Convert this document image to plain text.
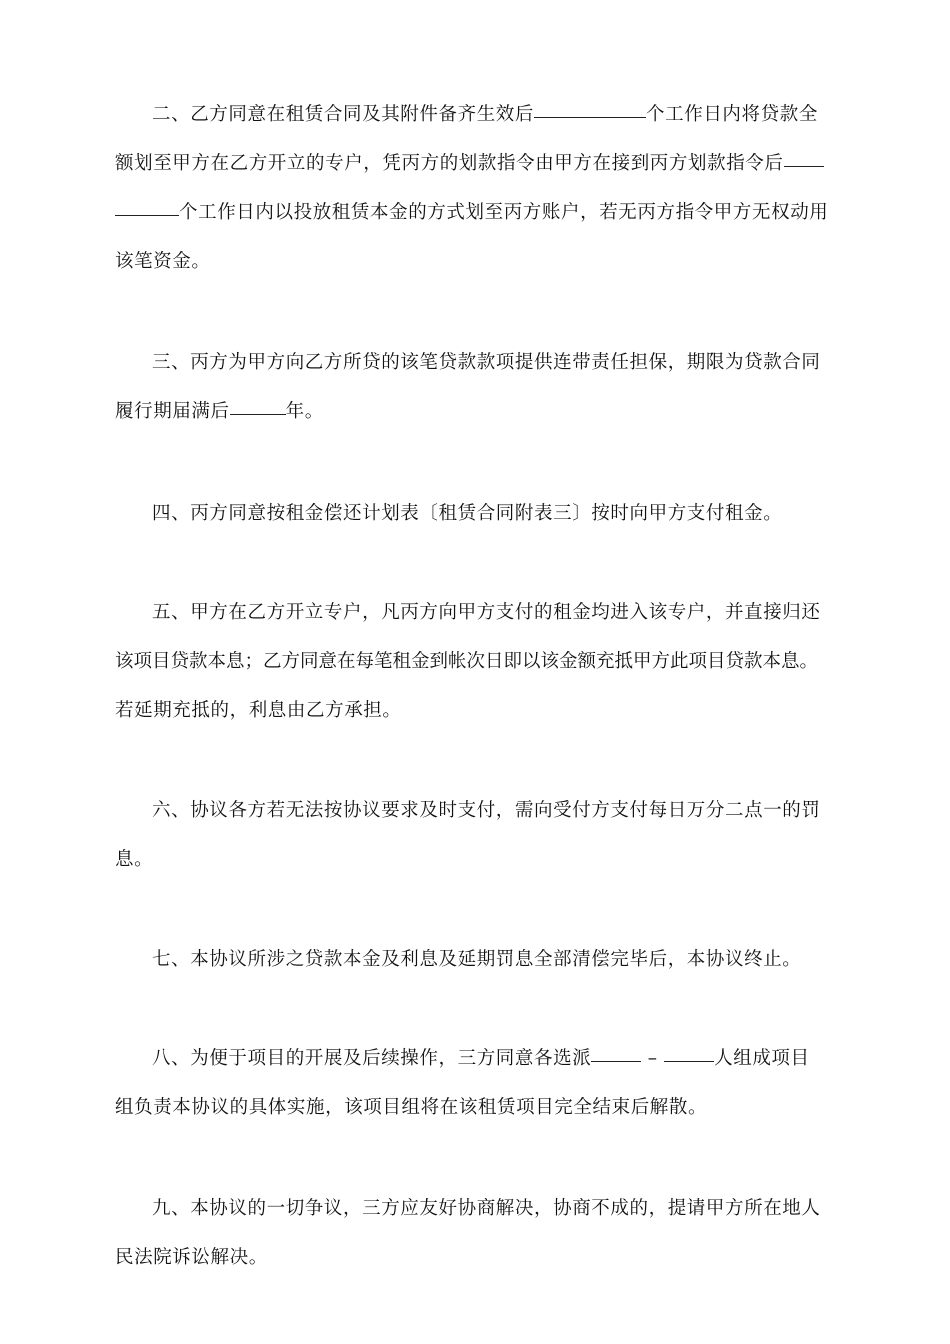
二、乙方同意在租赁合同及其附件备齐生效后	个工作日内将贷款全
额划至甲方在乙方开立的专户，凭丙方的划款指令由甲方在接到丙方划款指令后
个工作日内以投放租赁本金的方式划至丙方账户，若无丙方指令甲方无权动用
该笔资金。
三、丙方为甲方向乙方所贷的该笔贷款款项提供连带责任担保，期限为贷款合同
履行期届满后	年。
四、丙方同意按租金偿还计划表〔租赁合同附表三〕按时向甲方支付租金。
五、甲方在乙方开立专户，凡丙方向甲方支付的租金均进入该专户，并直接归还
该项目贷款本息；乙方同意在每笔租金到帐次日即以该金额充抵甲方此项目贷款本息。
若延期充抵的，利息由乙方承担。
六、协议各方若无法按协议要求及时支付，需向受付方支付每日万分二点一的罚
息。
七、本协议所涉之贷款本金及利息及延期罚息全部清偿完毕后，本协议终止。
八、为便于项目的开展及后续操作，三方同意各选派	–	人组成项目
组负责本协议的具体实施，该项目组将在该租赁项目完全结束后解散。
九、本协议的一切争议，三方应友好协商解决，协商不成的，提请甲方所在地人
民法院诉讼解决。
